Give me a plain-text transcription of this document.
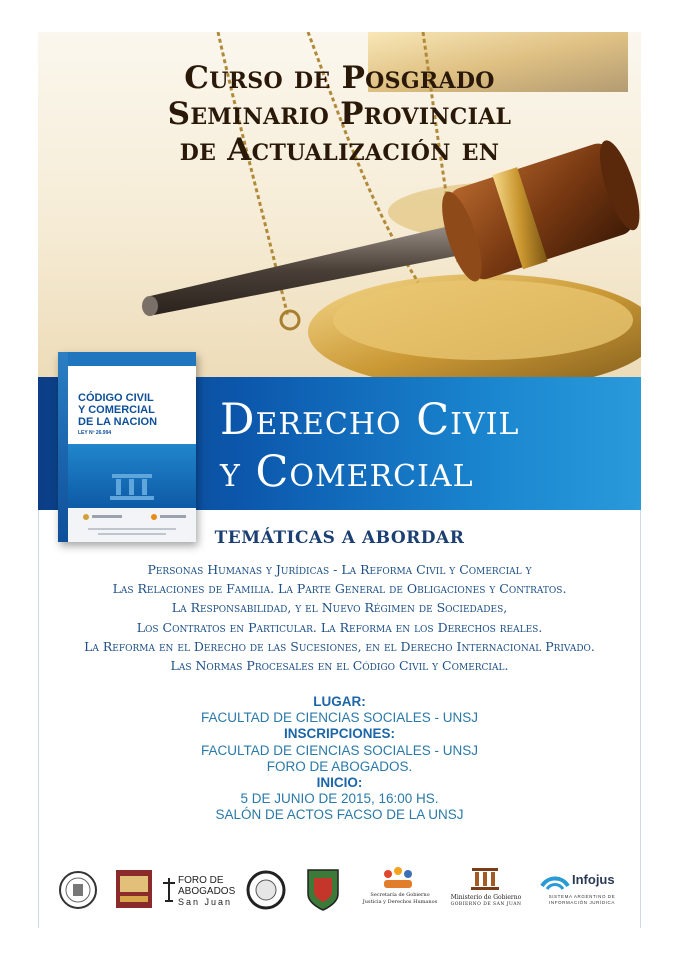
Curso de Posgrado
Seminario Provincial
de Actualización en
Derecho Civil
y Comercial
CÓDIGO CIVIL
Y COMERCIAL
DE LA NACION
LEY Nº 26.994
TEMÁTICAS A ABORDAR
Personas Humanas y Jurídicas - La Reforma Civil y Comercial y
Las Relaciones de Familia. La Parte General de Obligaciones y Contratos.
La Responsabilidad, y el Nuevo Régimen de Sociedades,
Los Contratos en Particular. La Reforma en los Derechos reales.
La Reforma en el Derecho de las Sucesiones, en el Derecho Internacional Privado.
Las Normas Procesales en el Código Civil y Comercial.
LUGAR:
FACULTAD DE CIENCIAS SOCIALES - UNSJ
INSCRIPCIONES:
FACULTAD DE CIENCIAS SOCIALES - UNSJ
FORO DE ABOGADOS.
INICIO:
5 DE JUNIO DE 2015, 16:00 HS.
SALÓN DE ACTOS FACSO DE LA UNSJ
FORO DE
ABOGADOS
San Juan
Secretaría de Gobierno
Justicia y Derechos Humanos
Ministerio de Gobierno
GOBIERNO DE SAN JUAN
Infojus
SISTEMA ARGENTINO DE
INFORMACIÓN JURÍDICA
